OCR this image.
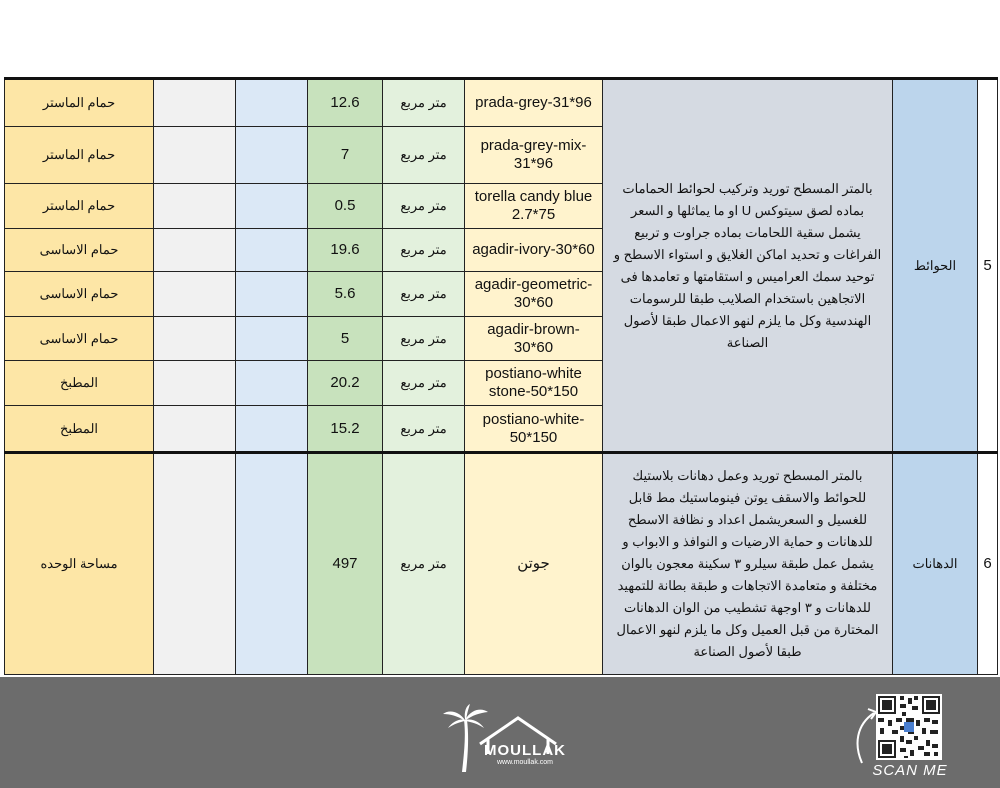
حمام الماستر			12.6	متر مربع	prada-grey-31*96	بالمتر المسطح توريد وتركيب لحوائط الحمامات بماده لصق سيتوكس U او ما يماثلها و السعر يشمل سقية اللحامات بماده جراوت و تربيع الفراغات و تحديد اماكن الغلايق و استواء الاسطح و توحيد سمك العراميس و استقامتها و تعامدها فى الاتجاهين باستخدام الصلايب طبقا للرسومات الهندسية وكل ما يلزم لنهو الاعمال طبقا لأصول الصناعة	الحوائط	5
حمام الماستر			7	متر مربع	prada-grey-mix-31*96			
حمام الماستر			0.5	متر مربع	torella candy blue 2.7*75			
حمام الاساسى			19.6	متر مربع	agadir-ivory-30*60			
حمام الاساسى			5.6	متر مربع	agadir-geometric-30*60			
حمام الاساسى			5	متر مربع	agadir-brown-30*60			
المطبخ			20.2	متر مربع	postiano-white stone-50*150			
المطبخ			15.2	متر مربع	postiano-white-50*150			
مساحة الوحده			497	متر مربع	جوتن	بالمتر المسطح توريد وعمل دهانات بلاستيك للحوائط والاسقف يوتن فينوماستيك مط قابل للغسيل و السعريشمل اعداد و نظافة الاسطح للدهانات و حماية الارضيات و النوافذ و الابواب و يشمل عمل طبقة سيلرو ٣ سكينة معجون بالوان مختلفة و متعامدة الاتجاهات و طبقة بطانة للتمهيد للدهانات و ٣ اوجهة تشطيب من الوان الدهانات المختارة من قبل العميل وكل ما يلزم لنهو الاعمال طبقا لأصول الصناعة	الدهانات	6
MOULLAK
www.moullak.com	SCAN ME
